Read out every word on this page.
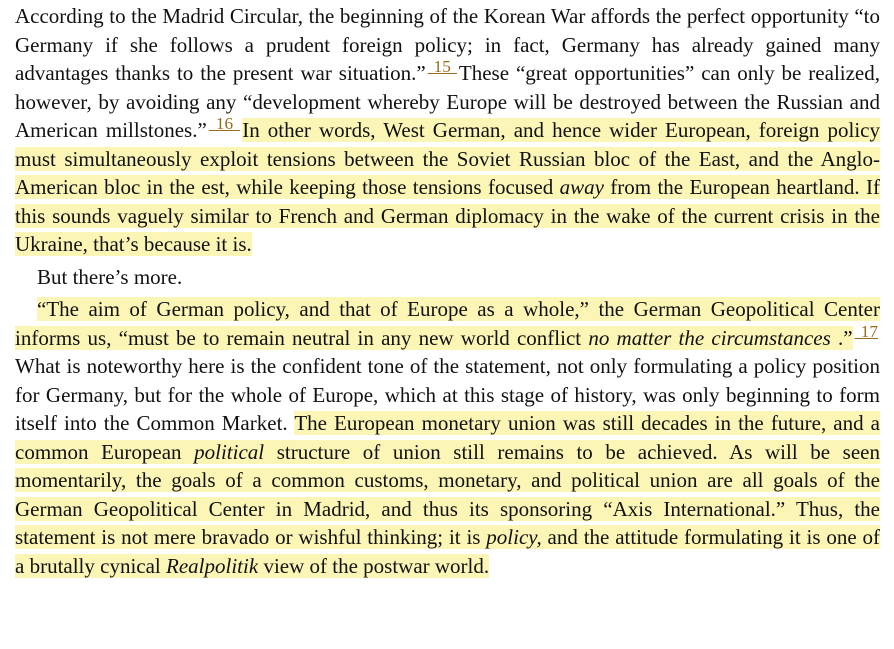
According to the Madrid Circular, the beginning of the Korean War affords the perfect opportunity “to Germany if she follows a prudent foreign policy; in fact, Germany has already gained many advantages thanks to the present war situation.” $^{15}$ These “great opportunities” can only be realized, however, by avoiding any “development whereby Europe will be destroyed between the Russian and American millstones.” $^{16}$ In other words, West German, and hence wider European, foreign policy must simultaneously exploit tensions between the Soviet Russian bloc of the East, and the Anglo-American bloc in the est, while keeping those tensions focused away from the European heartland. If this sounds vaguely similar to French and German diplomacy in the wake of the current crisis in the Ukraine, that’s because it is.

But there’s more.

“The aim of German policy, and that of Europe as a whole,” the German Geopolitical Center informs us, “must be to remain neutral in any new world conflict no matter the circumstances .” $^{17}$ What is noteworthy here is the confident tone of the statement, not only formulating a policy position for Germany, but for the whole of Europe, which at this stage of history, was only beginning to form itself into the Common Market. The European monetary union was still decades in the future, and a common European political structure of union still remains to be achieved. As will be seen momentarily, the goals of a common customs, monetary, and political union are all goals of the German Geopolitical Center in Madrid, and thus its sponsoring “Axis International.” Thus, the statement is not mere bravado or wishful thinking; it is policy, and the attitude formulating it is one of a brutally cynical Realpolitik view of the postwar world.
